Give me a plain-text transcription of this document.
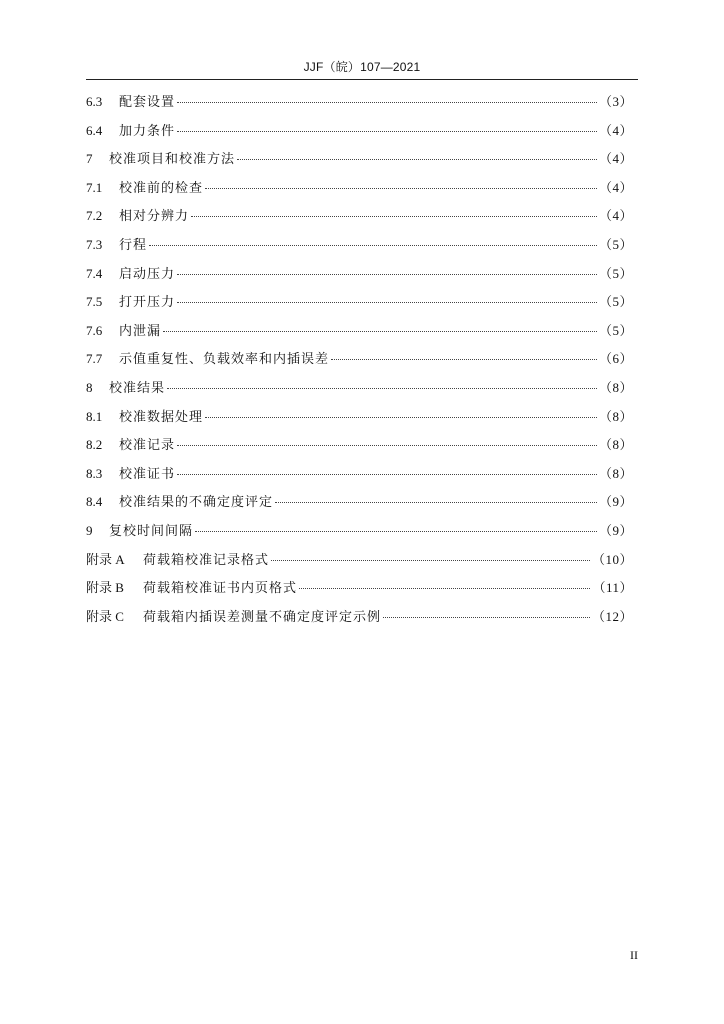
JJF（皖）107—2021
6.3	配套设置	（3）
6.4	加力条件	（4）
7	校准项目和校准方法	（4）
7.1	校准前的检查	（4）
7.2	相对分辨力	（4）
7.3	行程	（5）
7.4	启动压力	（5）
7.5	打开压力	（5）
7.6	内泄漏	（5）
7.7	示值重复性、负载效率和内插误差	（6）
8	校准结果	（8）
8.1	校准数据处理	（8）
8.2	校准记录	（8）
8.3	校准证书	（8）
8.4	校准结果的不确定度评定	（9）
9	复校时间间隔	（9）
附录 A	荷载箱校准记录格式	（10）
附录 B	荷载箱校准证书内页格式	（11）
附录 C	荷载箱内插误差测量不确定度评定示例	（12）
II
